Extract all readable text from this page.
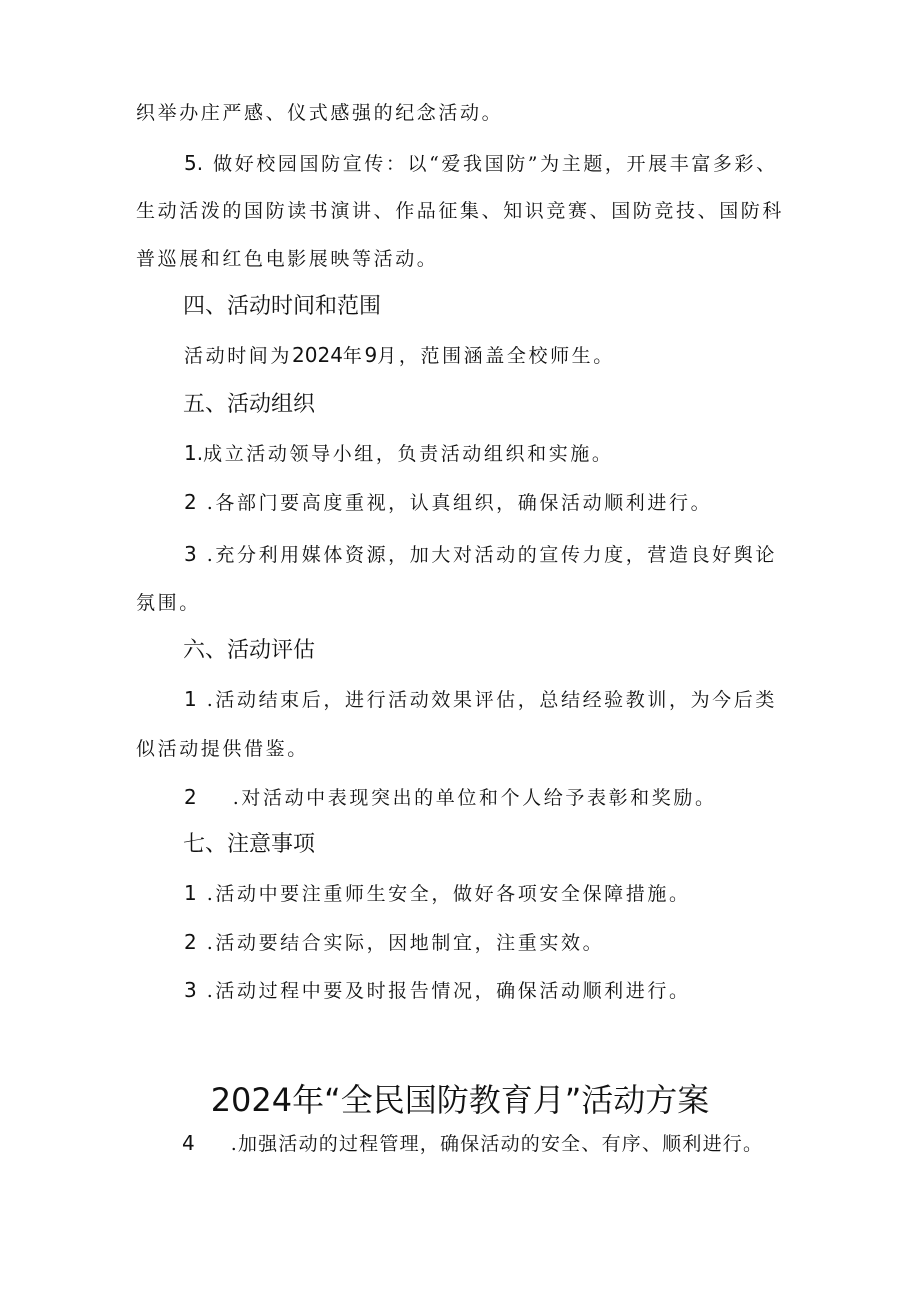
织举办庄严感、仪式感强的纪念活动。
5. 做好校园国防宣传：以“爱我国防”为主题，开展丰富多彩、
生动活泼的国防读书演讲、作品征集、知识竞赛、国防竞技、国防科
普巡展和红色电影展映等活动。
四、活动时间和范围
活动时间为2024年9月，范围涵盖全校师生。
五、活动组织
1.成立活动领导小组，负责活动组织和实施。
2 .各部门要高度重视，认真组织，确保活动顺利进行。
3 .充分利用媒体资源，加大对活动的宣传力度，营造良好舆论
氛围。
六、活动评估
1 .活动结束后，进行活动效果评估，总结经验教训，为今后类
似活动提供借鉴。
2 .对活动中表现突出的单位和个人给予表彰和奖励。
七、注意事项
1 .活动中要注重师生安全，做好各项安全保障措施。
2 .活动要结合实际，因地制宜，注重实效。
3 .活动过程中要及时报告情况，确保活动顺利进行。
2024年“全民国防教育月”活动方案
4 .加强活动的过程管理，确保活动的安全、有序、顺利进行。
